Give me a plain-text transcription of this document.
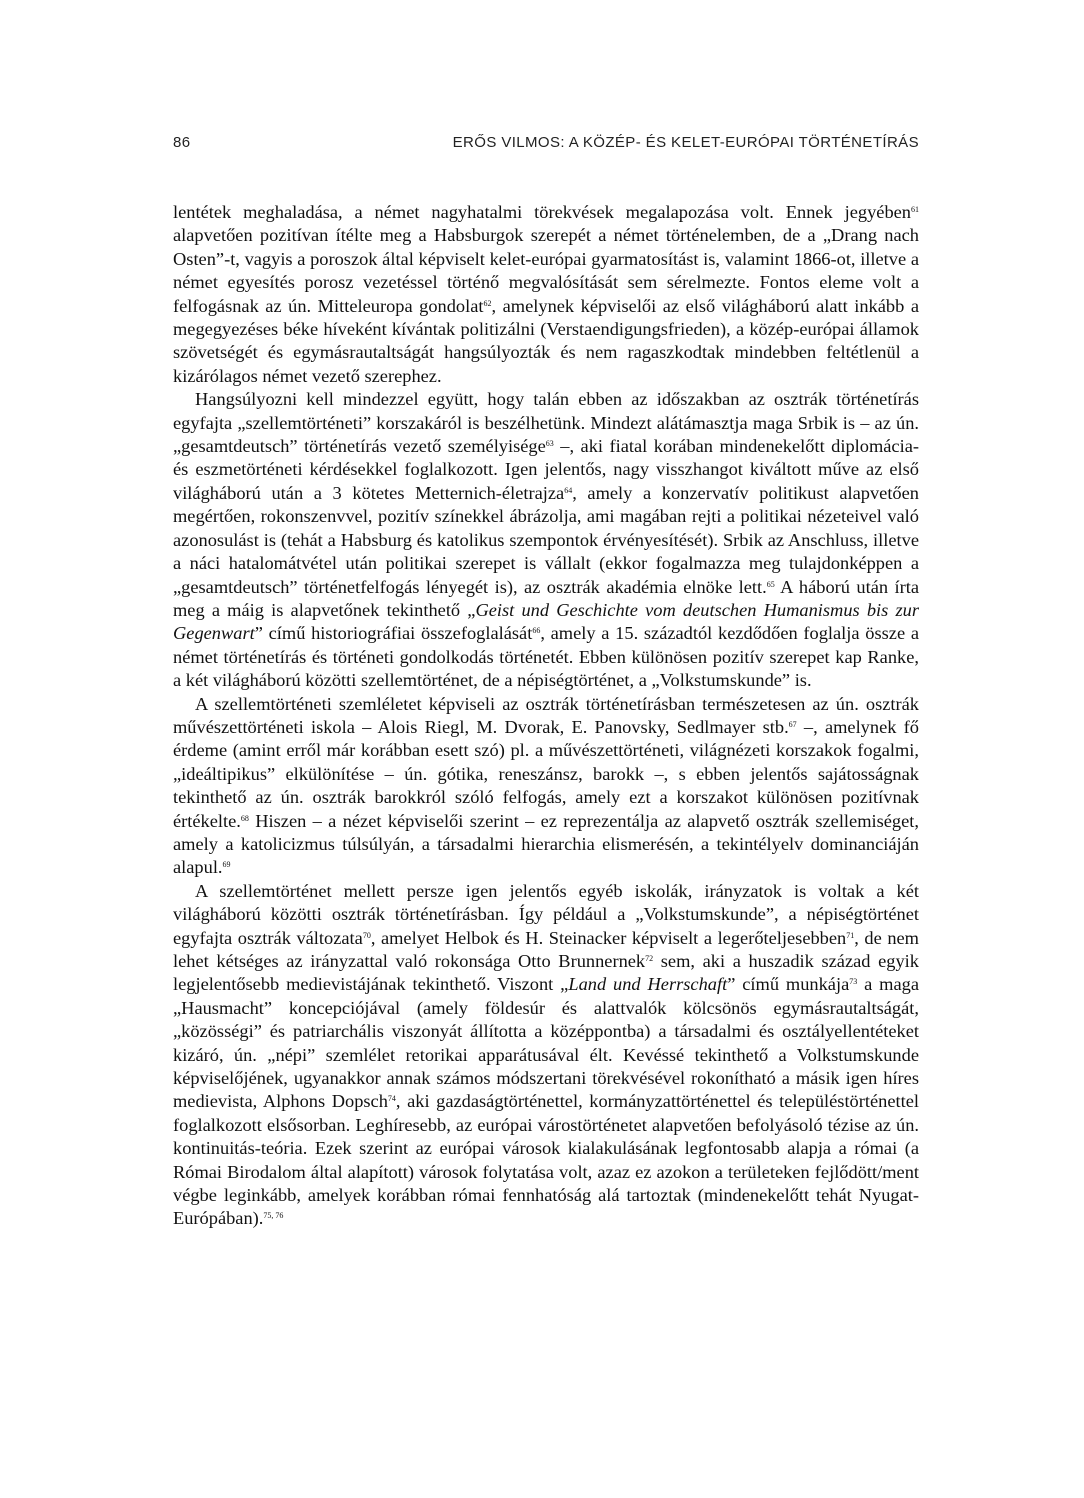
86	ERŐS VILMOS: A KÖZÉP- ÉS KELET-EURÓPAI TÖRTÉNETÍRÁS

lentétek meghaladása, a német nagyhatalmi törekvések megalapozása volt. Ennek jegyében$^{61}$ alapvetően pozitívan ítélte meg a Habsburgok szerepét a német történelemben, de a „Drang nach Osten”-t, vagyis a poroszok által képviselt kelet-európai gyarmatosítást is, valamint 1866-ot, illetve a német egyesítés porosz vezetéssel történő megvalósítását sem sérelmezte. Fontos eleme volt a felfogásnak az ún. Mitteleuropa gondolat$^{62}$, amelynek képviselői az első világháború alatt inkább a megegyezéses béke híveként kívántak politizálni (Verstaendigungsfrieden), a közép-európai államok szövetségét és egymásrautaltságát hangsúlyozták és nem ragaszkodtak mindebben feltétlenül a kizárólagos német vezető szerephez.

Hangsúlyozni kell mindezzel együtt, hogy talán ebben az időszakban az osztrák történetírás egyfajta „szellemtörténeti” korszakáról is beszélhetünk. Mindezt alátámasztja maga Srbik is – az ún. „gesamtdeutsch” történetírás vezető személyisége$^{63}$ –, aki fiatal korában mindenekelőtt diplomácia- és eszmetörténeti kérdésekkel foglalkozott. Igen jelentős, nagy visszhangot kiváltott műve az első világháború után a 3 kötetes Metternich-életrajza$^{64}$, amely a konzervatív politikust alapvetően megértően, rokonszenvvel, pozitív színekkel ábrázolja, ami magában rejti a politikai nézeteivel való azonosulást is (tehát a Habsburg és katolikus szempontok érvényesítését). Srbik az Anschluss, illetve a náci hatalomátvétel után politikai szerepet is vállalt (ekkor fogalmazza meg tulajdonképpen a „gesamtdeutsch” történetfelfogás lényegét is), az osztrák akadémia elnöke lett.$^{65}$ A háború után írta meg a máig is alapvetőnek tekinthető „Geist und Geschichte vom deutschen Humanismus bis zur Gegenwart” című historiográfiai összefoglalását$^{66}$, amely a 15. századtól kezdődően foglalja össze a német történetírás és történeti gondolkodás történetét. Ebben különösen pozitív szerepet kap Ranke, a két világháború közötti szellemtörténet, de a népiségtörténet, a „Volkstumskunde” is.

A szellemtörténeti szemléletet képviseli az osztrák történetírásban természetesen az ún. osztrák művészettörténeti iskola – Alois Riegl, M. Dvorak, E. Panovsky, Sedlmayer stb.$^{67}$ –, amelynek fő érdeme (amint erről már korábban esett szó) pl. a művészettörténeti, világnézeti korszakok fogalmi, „ideáltipikus” elkülönítése – ún. gótika, reneszánsz, barokk –, s ebben jelentős sajátosságnak tekinthető az ún. osztrák barokkról szóló felfogás, amely ezt a korszakot különösen pozitívnak értékelte.$^{68}$ Hiszen – a nézet képviselői szerint – ez reprezentálja az alapvető osztrák szellemiséget, amely a katolicizmus túlsúlyán, a társadalmi hierarchia elismerésén, a tekintélyelv dominanciáján alapul.$^{69}$

A szellemtörténet mellett persze igen jelentős egyéb iskolák, irányzatok is voltak a két világháború közötti osztrák történetírásban. Így például a „Volkstumskunde”, a népiségtörténet egyfajta osztrák változata$^{70}$, amelyet Helbok és H. Steinacker képviselt a legerőteljesebben$^{71}$, de nem lehet kétséges az irányzattal való rokonsága Otto Brunnernek$^{72}$ sem, aki a huszadik század egyik legjelentősebb medievistájának tekinthető. Viszont „Land und Herrschaft” című munkája$^{73}$ a maga „Hausmacht” koncepciójával (amely földesúr és alattvalók kölcsönös egymásrautaltságát, „közösségi” és patriarchális viszonyát állította a középpontba) a társadalmi és osztályellentéteket kizáró, ún. „népi” szemlélet retorikai apparátusával élt. Kevéssé tekinthető a Volkstumskunde képviselőjének, ugyanakkor annak számos módszertani törekvésével rokonítható a másik igen híres medievista, Alphons Dopsch$^{74}$, aki gazdaságtörténettel, kormányzattörténettel és településtörténettel foglalkozott elsősorban. Leghíresebb, az európai várostörténetet alapvetően befolyásoló tézise az ún. kontinuitás-teória. Ezek szerint az európai városok kialakulásának legfontosabb alapja a római (a Római Birodalom által alapított) városok folytatása volt, azaz ez azokon a területeken fejlődött/ment végbe leginkább, amelyek korábban római fennhatóság alá tartoztak (mindenekelőtt tehát Nyugat-Európában).$^{75, 76}$
